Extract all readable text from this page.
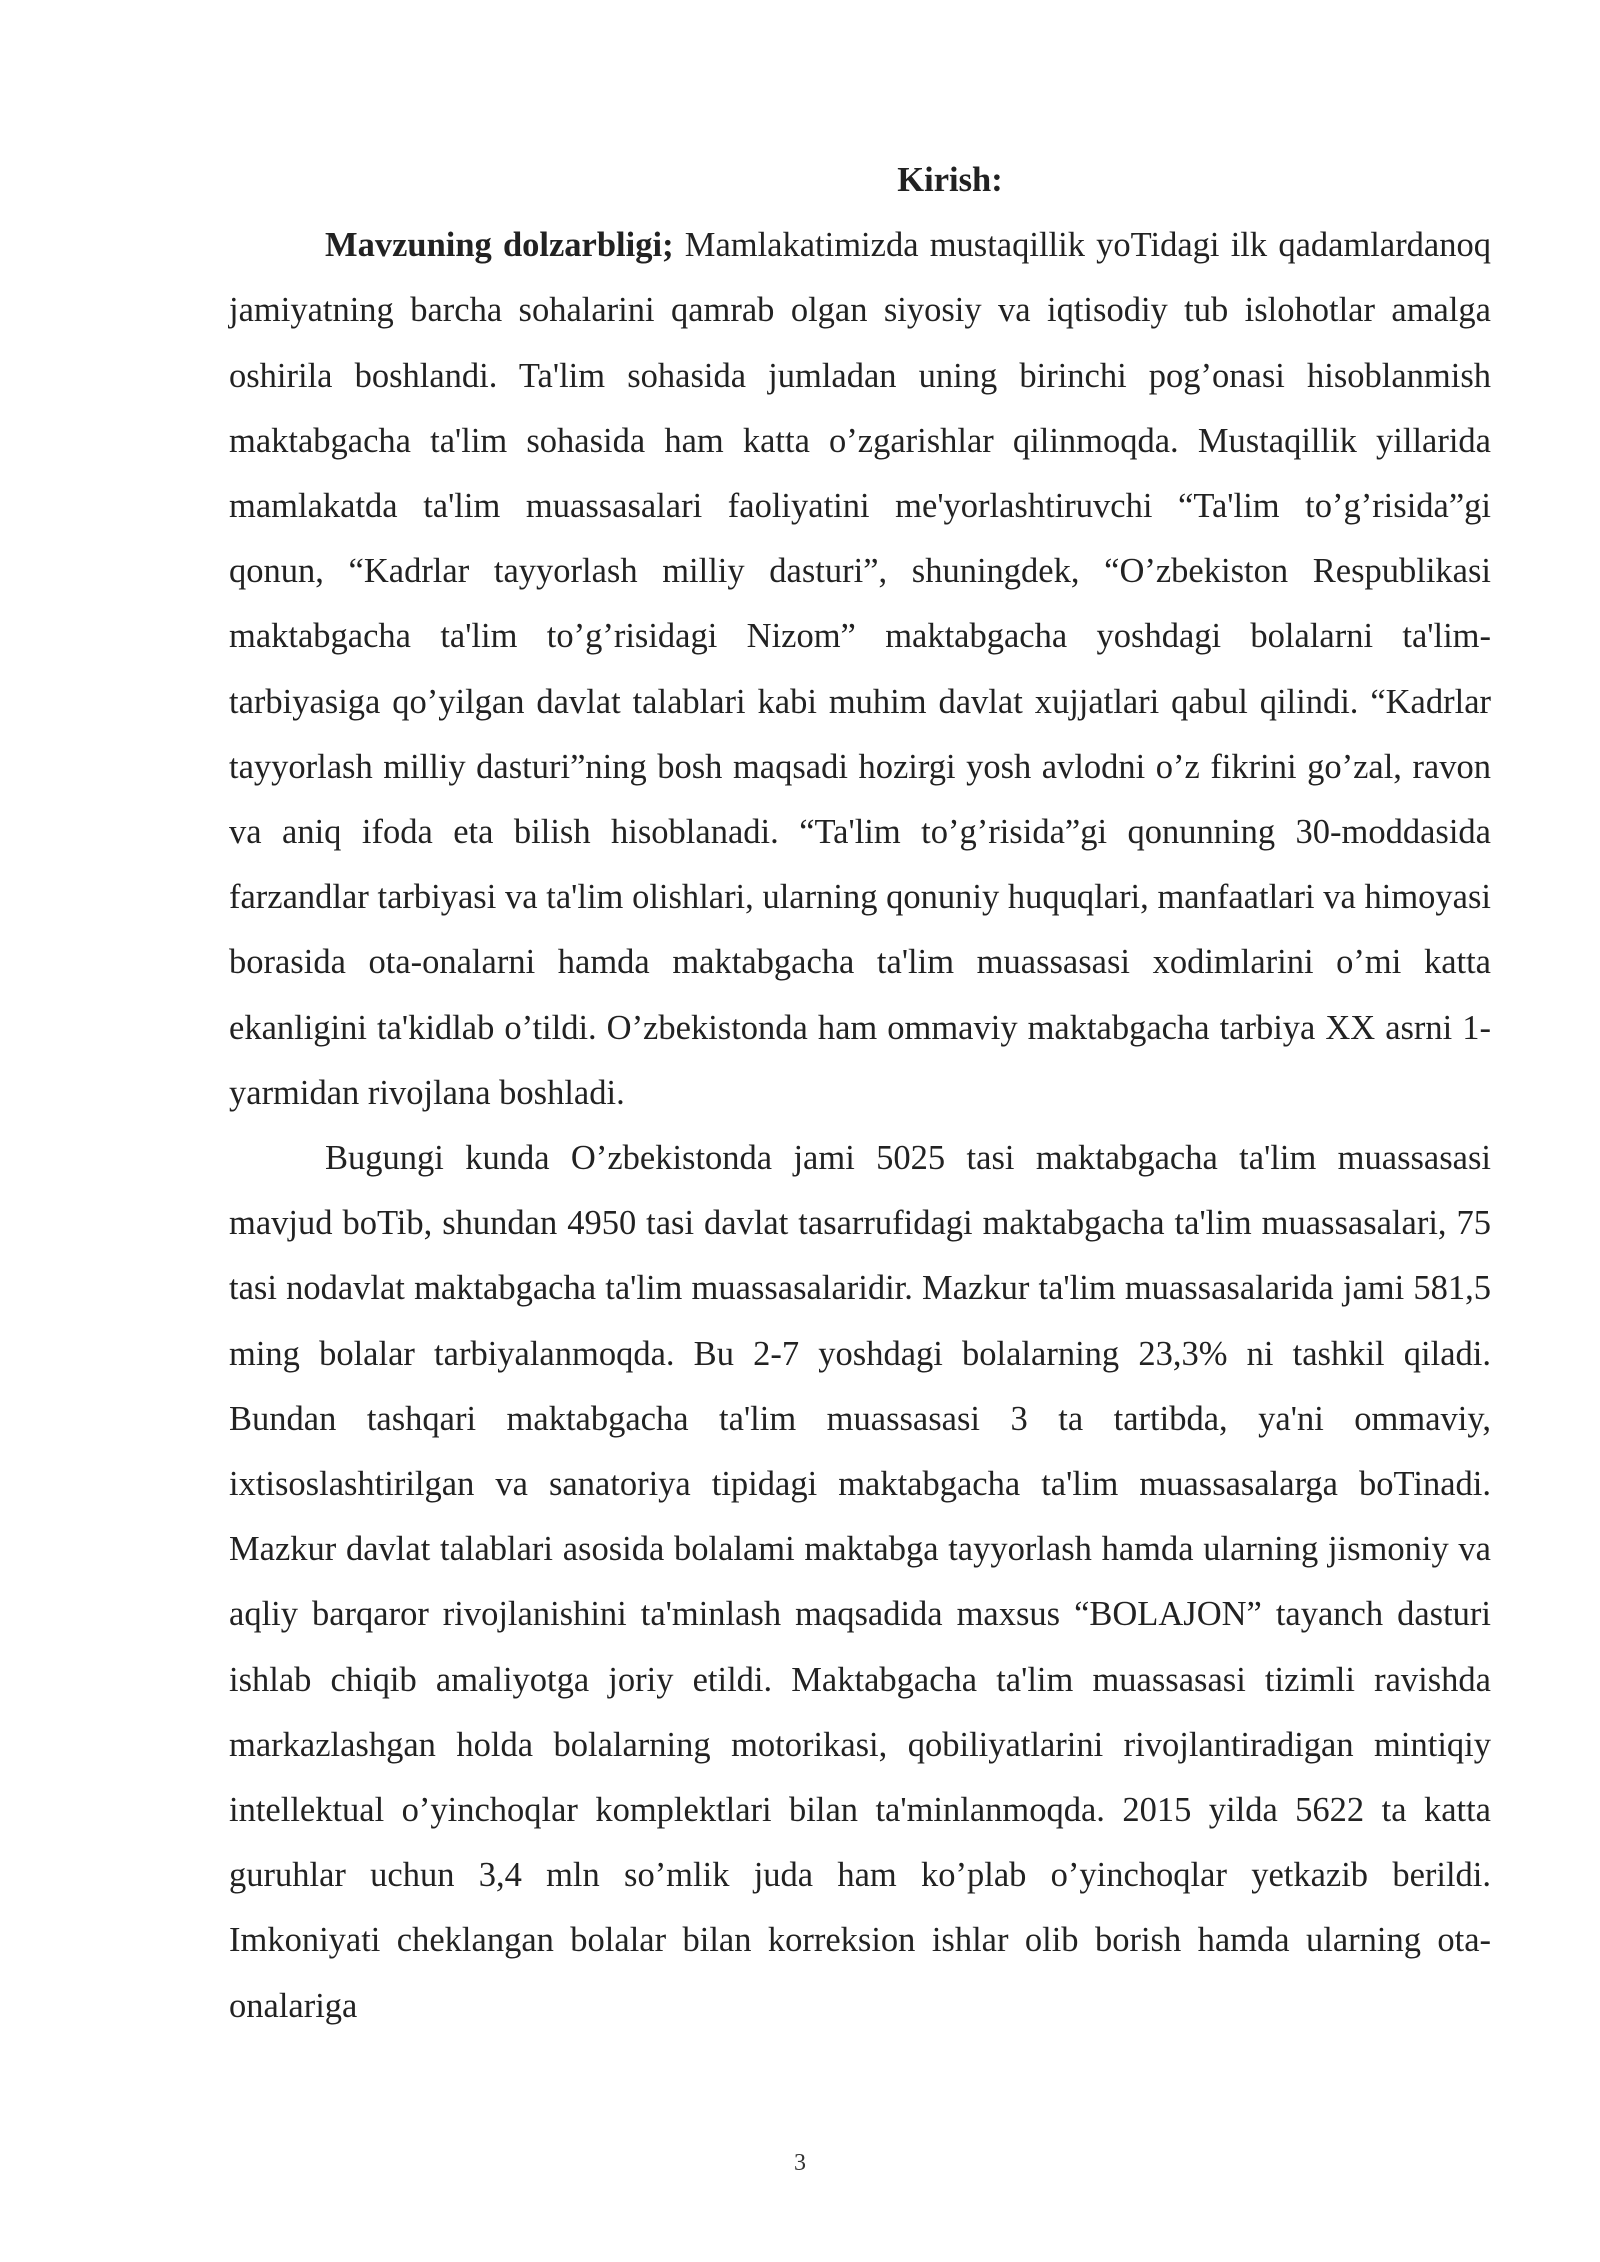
Kirish:

Mavzuning dolzarbligi; Mamlakatimizda mustaqillik yoTidagi ilk qadamlardanoq jamiyatning barcha sohalarini qamrab olgan siyosiy va iqtisodiy tub islohotlar amalga oshirila boshlandi. Ta'lim sohasida jumladan uning birinchi pog’onasi hisoblanmish maktabgacha ta'lim sohasida ham katta o’zgarishlar qilinmoqda. Mustaqillik yillarida mamlakatda ta'lim muassasalari faoliyatini me'yorlashtiruvchi “Ta'lim to’g’risida”gi qonun, “Kadrlar tayyorlash milliy dasturi”, shuningdek, “O’zbekiston Respublikasi maktabgacha ta'lim to’g’risidagi Nizom” maktabgacha yoshdagi bolalarni ta'lim-tarbiyasiga qo’yilgan davlat talablari kabi muhim davlat xujjatlari qabul qilindi. “Kadrlar tayyorlash milliy dasturi”ning bosh maqsadi hozirgi yosh avlodni o’z fikrini go’zal, ravon va aniq ifoda eta bilish hisoblanadi. “Ta'lim to’g’risida”gi qonunning 30-moddasida farzandlar tarbiyasi va ta'lim olishlari, ularning qonuniy huquqlari, manfaatlari va himoyasi borasida ota-onalarni hamda maktabgacha ta'lim muassasasi xodimlarini o’mi katta ekanligini ta'kidlab o’tildi. O’zbekistonda ham ommaviy maktabgacha tarbiya XX asrni 1-yarmidan rivojlana boshladi.

Bugungi kunda O’zbekistonda jami 5025 tasi maktabgacha ta'lim muassasasi mavjud boTib, shundan 4950 tasi davlat tasarrufidagi maktabgacha ta'lim muassasalari, 75 tasi nodavlat maktabgacha ta'lim muassasalaridir. Mazkur ta'lim muassasalarida jami 581,5 ming bolalar tarbiyalanmoqda. Bu 2-7 yoshdagi bolalarning 23,3% ni tashkil qiladi. Bundan tashqari maktabgacha ta'lim muassasasi 3 ta tartibda, ya'ni ommaviy, ixtisoslashtirilgan va sanatoriya tipidagi maktabgacha ta'lim muassasalarga boTinadi. Mazkur davlat talablari asosida bolalami maktabga tayyorlash hamda ularning jismoniy va aqliy barqaror rivojlanishini ta'minlash maqsadida maxsus “BOLAJON” tayanch dasturi ishlab chiqib amaliyotga joriy etildi. Maktabgacha ta'lim muassasasi tizimli ravishda markazlashgan holda bolalarning motorikasi, qobiliyatlarini rivojlantiradigan mintiqiy intellektual o’yinchoqlar komplektlari bilan ta'minlanmoqda. 2015 yilda 5622 ta katta guruhlar uchun 3,4 mln so’mlik juda ham ko’plab o’yinchoqlar yetkazib berildi. Imkoniyati cheklangan bolalar bilan korreksion ishlar olib borish hamda ularning ota-onalariga

3
